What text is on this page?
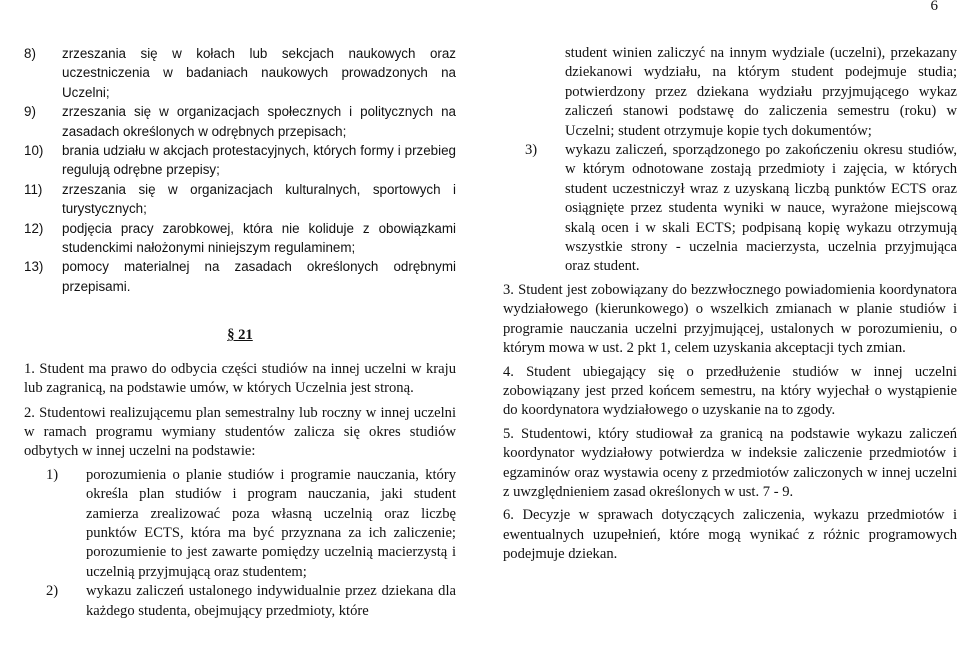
6
8)	zrzeszania się w kołach lub sekcjach naukowych oraz uczestniczenia w badaniach naukowych prowadzonych na Uczelni;
9)	zrzeszania się w organizacjach społecznych i politycznych na zasadach określonych w odrębnych przepisach;
10)	brania udziału w akcjach protestacyjnych, których formy i przebieg regulują odrębne przepisy;
11)	zrzeszania się w organizacjach kulturalnych, sportowych i turystycznych;
12)	podjęcia pracy zarobkowej, która nie koliduje z obowiązkami studenckimi nałożonymi niniejszym regulaminem;
13)	pomocy materialnej na zasadach określonych odrębnymi przepisami.
§ 21

1. Student ma prawo do odbycia części studiów na innej uczelni w kraju lub zagranicą, na podstawie umów, w których Uczelnia jest stroną.

2. Studentowi realizującemu plan semestralny lub roczny w innej uczelni w ramach programu wymiany studentów zalicza się okres studiów odbytych w innej uczelni na podstawie:

1)	porozumienia o planie studiów i programie nauczania, który określa plan studiów i program nauczania, jaki student zamierza zrealizować poza własną uczelnią oraz liczbę punktów ECTS, która ma być przyznana za ich zaliczenie; porozumienie to jest zawarte pomiędzy uczelnią macierzystą i uczelnią przyjmującą oraz studentem;
2)	wykazu zaliczeń ustalonego indywidualnie przez dziekana dla każdego studenta, obejmujący przedmioty, które

student winien zaliczyć na innym wydziale (uczelni), przekazany dziekanowi wydziału, na którym student podejmuje studia; potwierdzony przez dziekana wydziału przyjmującego wykaz zaliczeń stanowi podstawę do zaliczenia semestru (roku) w Uczelni; student otrzymuje kopie tych dokumentów;

3)	wykazu zaliczeń, sporządzonego po zakończeniu okresu studiów, w którym odnotowane zostają przedmioty i zajęcia, w których student uczestniczył wraz z uzyskaną liczbą punktów ECTS oraz osiągnięte przez studenta wyniki w nauce, wyrażone miejscową skalą ocen i w skali ECTS; podpisaną kopię wykazu otrzymują wszystkie strony - uczelnia macierzysta, uczelnia przyjmująca oraz student.

3. Student jest zobowiązany do bezzwłocznego powiadomienia koordynatora wydziałowego (kierunkowego) o wszelkich zmianach w planie studiów i programie nauczania uczelni przyjmującej, ustalonych w porozumieniu, o którym mowa w ust. 2 pkt 1, celem uzyskania akceptacji tych zmian.

4. Student ubiegający się o przedłużenie studiów w innej uczelni zobowiązany jest przed końcem semestru, na który wyjechał o wystąpienie do koordynatora wydziałowego o uzyskanie na to zgody.

5. Studentowi, który studiował za granicą na podstawie wykazu zaliczeń koordynator wydziałowy potwierdza w indeksie zaliczenie przedmiotów i egzaminów oraz wystawia oceny z przedmiotów zaliczonych w innej uczelni z uwzględnieniem zasad określonych w ust. 7 - 9.

6. Decyzje w sprawach dotyczących zaliczenia, wykazu przedmiotów i ewentualnych uzupełnień, które mogą wynikać z różnic programowych podejmuje dziekan.
